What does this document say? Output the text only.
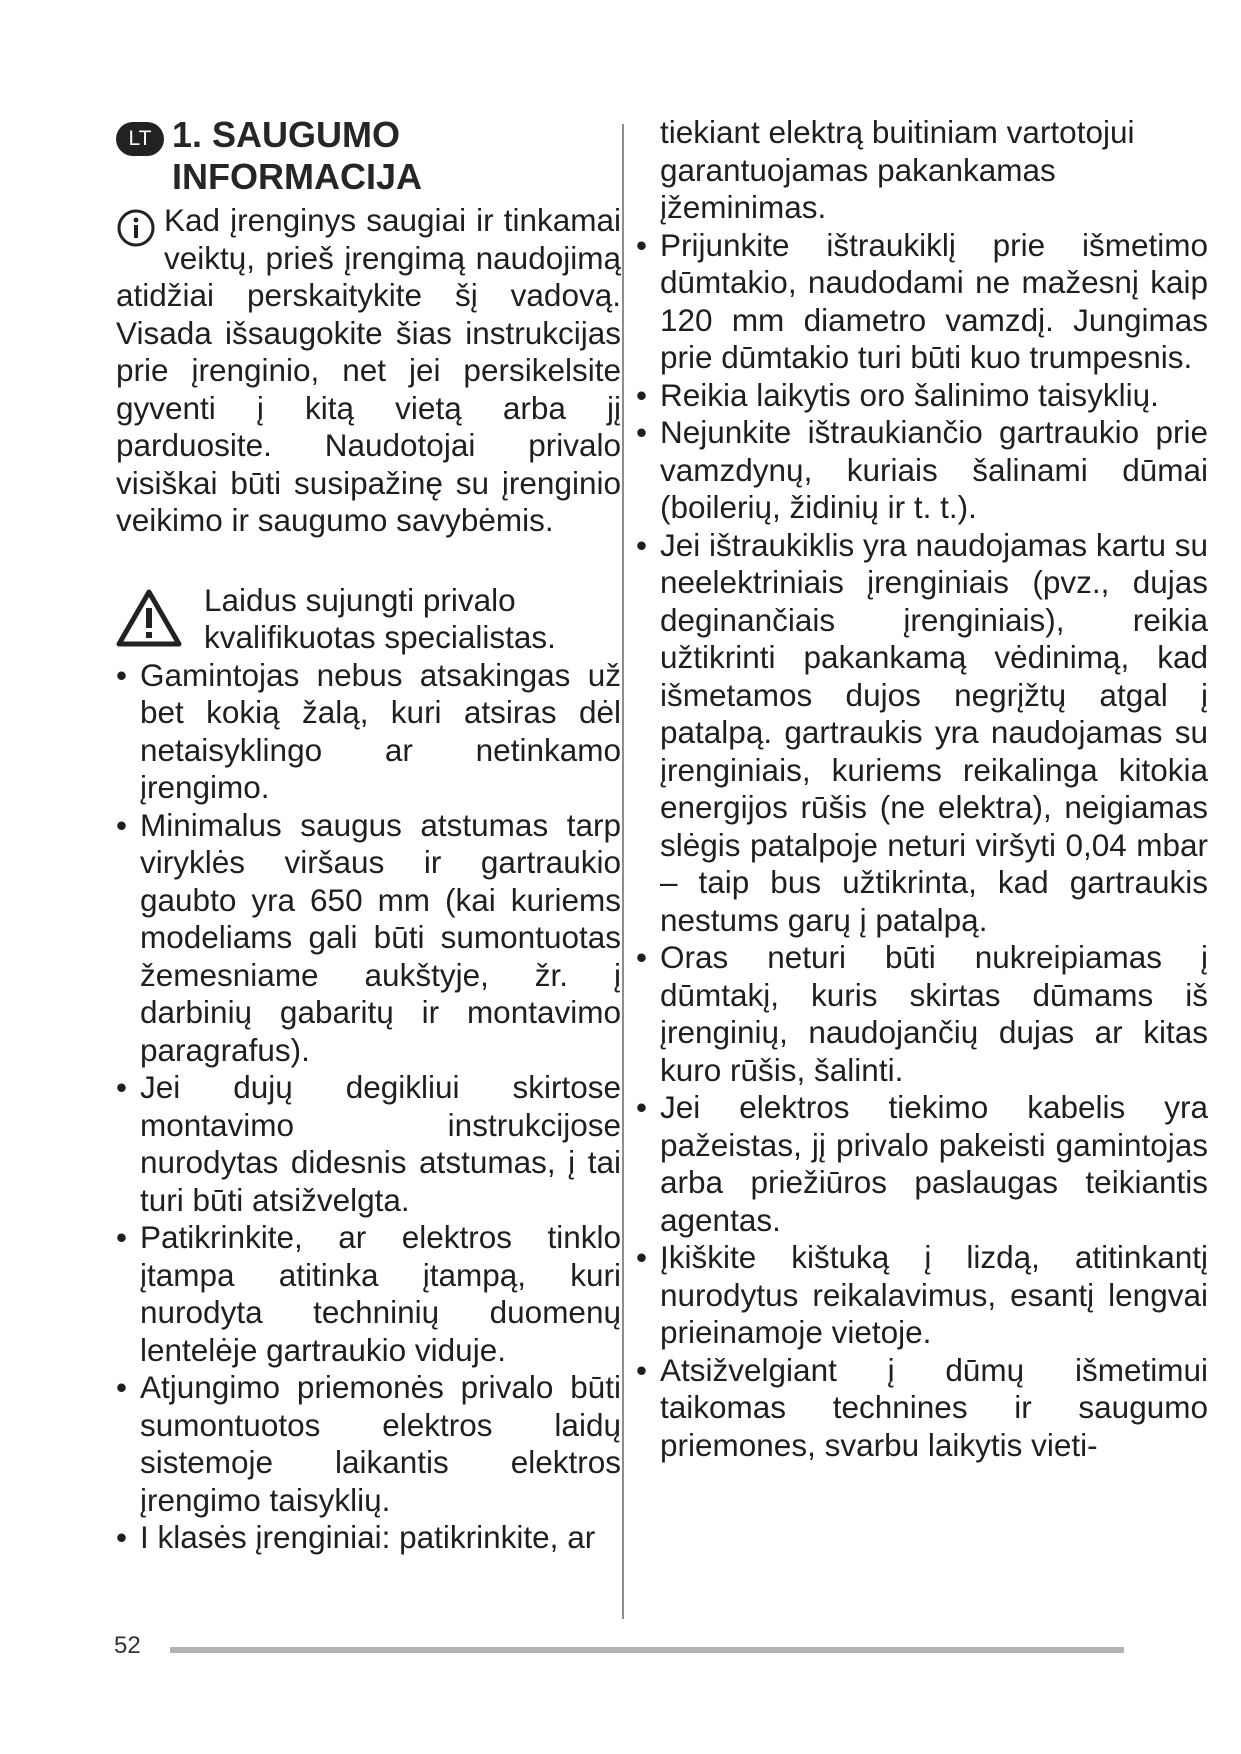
LT 1. SAUGUMO INFORMACIJA

Kad įrenginys saugiai ir tinkamai veiktų, prieš įrengimą naudojimą atidžiai perskaitykite šį vadovą. Visada išsaugokite šias instrukcijas prie įrenginio, net jei persikelsite gyventi į kitą vietą arba jį parduosite. Naudotojai privalo visiškai būti susipažinę su įrenginio veikimo ir saugumo savybėmis.

Laidus sujungti privalo kvalifikuotas specialistas.

• Gamintojas nebus atsakingas už bet kokią žalą, kuri atsiras dėl netaisyklingo ar netinkamo įrengimo.
• Minimalus saugus atstumas tarp viryklės viršaus ir gartraukio gaubto yra 650 mm (kai kuriems modeliams gali būti sumontuotas žemesniame aukštyje, žr. į darbinių gabaritų ir montavimo paragrafus).
• Jei dujų degikliui skirtose montavimo instrukcijose nurodytas didesnis atstumas, į tai turi būti atsižvelgta.
• Patikrinkite, ar elektros tinklo įtampa atitinka įtampą, kuri nurodyta techninių duomenų lentelėje gartraukio viduje.
• Atjungimo priemonės privalo būti sumontuotos elektros laidų sistemoje laikantis elektros įrengimo taisyklių.
• I klasės įrenginiai: patikrinkite, ar

tiekiant elektrą buitiniam vartotojui garantuojamas pakankamas įžeminimas.

• Prijunkite ištraukiklį prie išmetimo dūmtakio, naudodami ne mažesnį kaip 120 mm diametro vamzdį. Jungimas prie dūmtakio turi būti kuo trumpesnis.
• Reikia laikytis oro šalinimo taisyklių.
• Nejunkite ištraukiančio gartraukio prie vamzdynų, kuriais šalinami dūmai (boilerių, židinių ir t. t.).
• Jei ištraukiklis yra naudojamas kartu su neelektriniais įrenginiais (pvz., dujas deginančiais įrenginiais), reikia užtikrinti pakankamą vėdinimą, kad išmetamos dujos negrįžtų atgal į patalpą. gartraukis yra naudojamas su įrenginiais, kuriems reikalinga kitokia energijos rūšis (ne elektra), neigiamas slėgis patalpoje neturi viršyti 0,04 mbar – taip bus užtikrinta, kad gartraukis nestums garų į patalpą.
• Oras neturi būti nukreipiamas į dūmtakį, kuris skirtas dūmams iš įrenginių, naudojančių dujas ar kitas kuro rūšis, šalinti.
• Jei elektros tiekimo kabelis yra pažeistas, jį privalo pakeisti gamintojas arba priežiūros paslaugas teikiantis agentas.
• Įkiškite kištuką į lizdą, atitinkantį nurodytus reikalavimus, esantį lengvai prieinamoje vietoje.
• Atsižvelgiant į dūmų išmetimui taikomas technines ir saugumo priemones, svarbu laikytis vieti-
52
